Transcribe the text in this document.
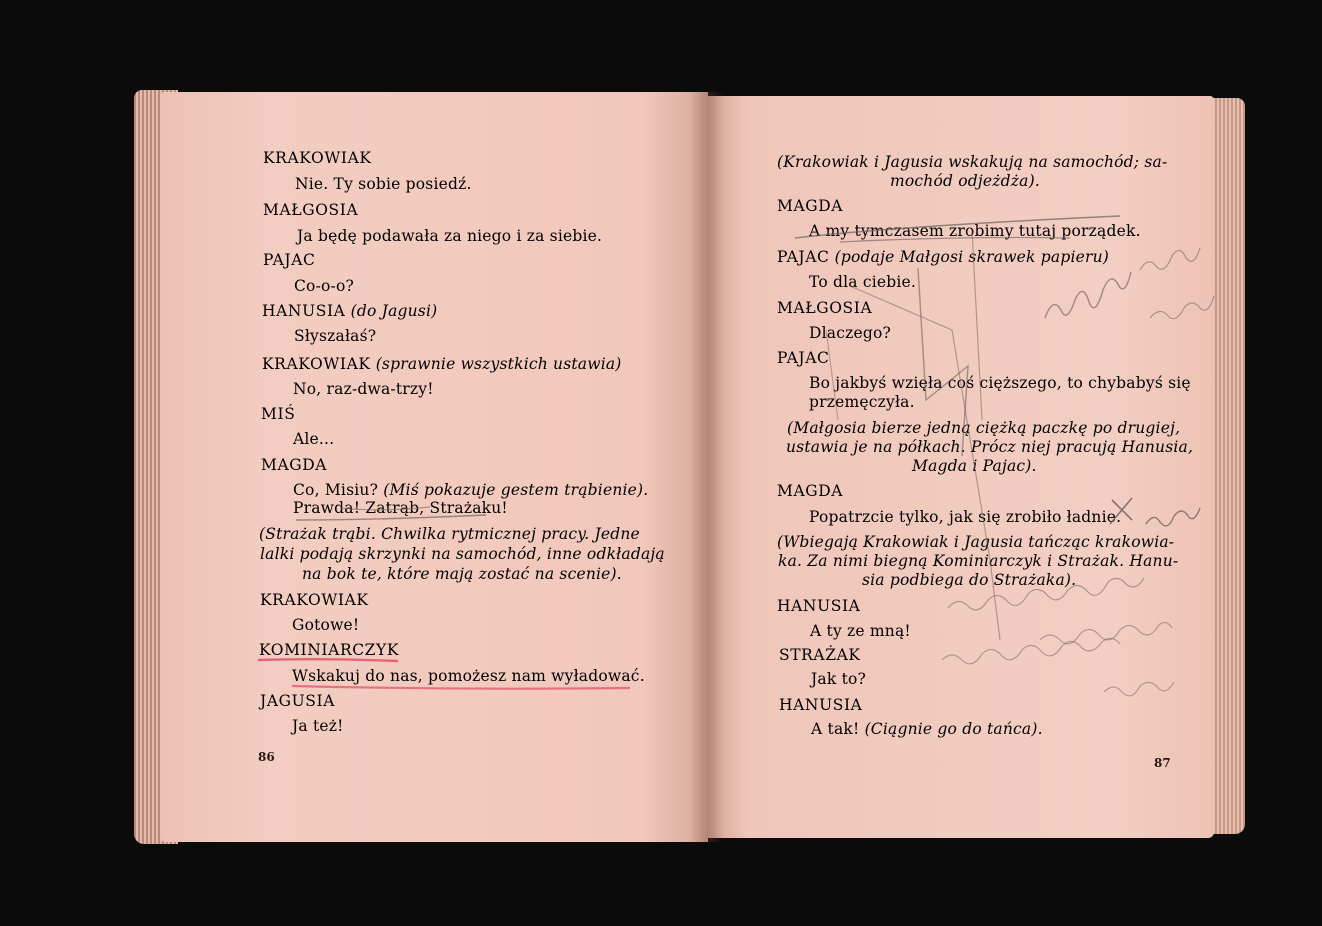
KRAKOWIAK
Nie. Ty sobie posiedź.
MAŁGOSIA
Ja będę podawała za niego i za siebie.
PAJAC
Co-o-o?
HANUSIA (do Jagusi)
Słyszałaś?
KRAKOWIAK (sprawnie wszystkich ustawia)
No, raz-dwa-trzy!
MIŚ
Ale...
MAGDA
Co, Misiu? (Miś pokazuje gestem trąbienie).
Prawda! Zatrąb, Strażaku!
(Strażak trąbi. Chwilka rytmicznej pracy. Jedne
lalki podają skrzynki na samochód, inne odkładają
na bok te, które mają zostać na scenie).
KRAKOWIAK
Gotowe!
KOMINIARCZYK
Wskakuj do nas, pomożesz nam wyładować.
JAGUSIA
Ja też!
86
(Krakowiak i Jagusia wskakują na samochód; sa-
mochód odjeżdża).
MAGDA
A my tymczasem zrobimy tutaj porządek.
PAJAC (podaje Małgosi skrawek papieru)
To dla ciebie.
MAŁGOSIA
Dlaczego?
PAJAC
Bo jakbyś wzięła coś cięższego, to chybabyś się
przemęczyła.
(Małgosia bierze jedną ciężką paczkę po drugiej,
ustawia je na półkach. Prócz niej pracują Hanusia,
Magda i Pajac).
MAGDA
Popatrzcie tylko, jak się zrobiło ładnie.
(Wbiegają Krakowiak i Jagusia tańcząc krakowia-
ka. Za nimi biegną Kominiarczyk i Strażak. Hanu-
sia podbiega do Strażaka).
HANUSIA
A ty ze mną!
STRAŻAK
Jak to?
HANUSIA
A tak! (Ciągnie go do tańca).
87
